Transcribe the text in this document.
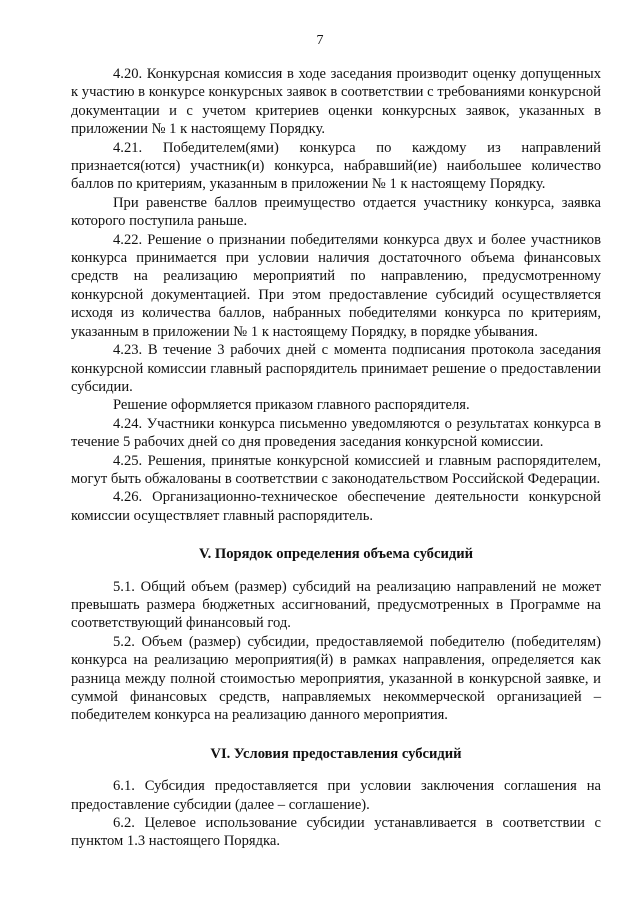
7

4.20. Конкурсная комиссия в ходе заседания производит оценку допущенных к участию в конкурсе конкурсных заявок в соответствии с требованиями конкурсной документации и с учетом критериев оценки конкурсных заявок, указанных в приложении № 1 к настоящему Порядку.

4.21. Победителем(ями) конкурса по каждому из направлений признается(ются) участник(и) конкурса, набравший(ие) наибольшее количество баллов по критериям, указанным в приложении № 1 к настоящему Порядку.

При равенстве баллов преимущество отдается участнику конкурса, заявка которого поступила раньше.

4.22. Решение о признании победителями конкурса двух и более участников конкурса принимается при условии наличия достаточного объема финансовых средств на реализацию мероприятий по направлению, предусмотренному конкурсной документацией. При этом предоставление субсидий осуществляется исходя из количества баллов, набранных победителями конкурса по критериям, указанным в приложении № 1 к настоящему Порядку, в порядке убывания.

4.23. В течение 3 рабочих дней с момента подписания протокола заседания конкурсной комиссии главный распорядитель принимает решение о предоставлении субсидии.

Решение оформляется приказом главного распорядителя.

4.24. Участники конкурса письменно уведомляются о результатах конкурса в течение 5 рабочих дней со дня проведения заседания конкурсной комиссии.

4.25. Решения, принятые конкурсной комиссией и главным распорядителем, могут быть обжалованы в соответствии с законодательством Российской Федерации.

4.26. Организационно-техническое обеспечение деятельности конкурсной комиссии осуществляет главный распорядитель.

V. Порядок определения объема субсидий

5.1. Общий объем (размер) субсидий на реализацию направлений не может превышать размера бюджетных ассигнований, предусмотренных в Программе на соответствующий финансовый год.

5.2. Объем (размер) субсидии, предоставляемой победителю (победителям) конкурса на реализацию мероприятия(й) в рамках направления, определяется как разница между полной стоимостью мероприятия, указанной в конкурсной заявке, и суммой финансовых средств, направляемых некоммерческой организацией – победителем конкурса на реализацию данного мероприятия.

VI. Условия предоставления субсидий

6.1. Субсидия предоставляется при условии заключения соглашения на предоставление субсидии (далее – соглашение).

6.2. Целевое использование субсидии устанавливается в соответствии с пунктом 1.3 настоящего Порядка.
